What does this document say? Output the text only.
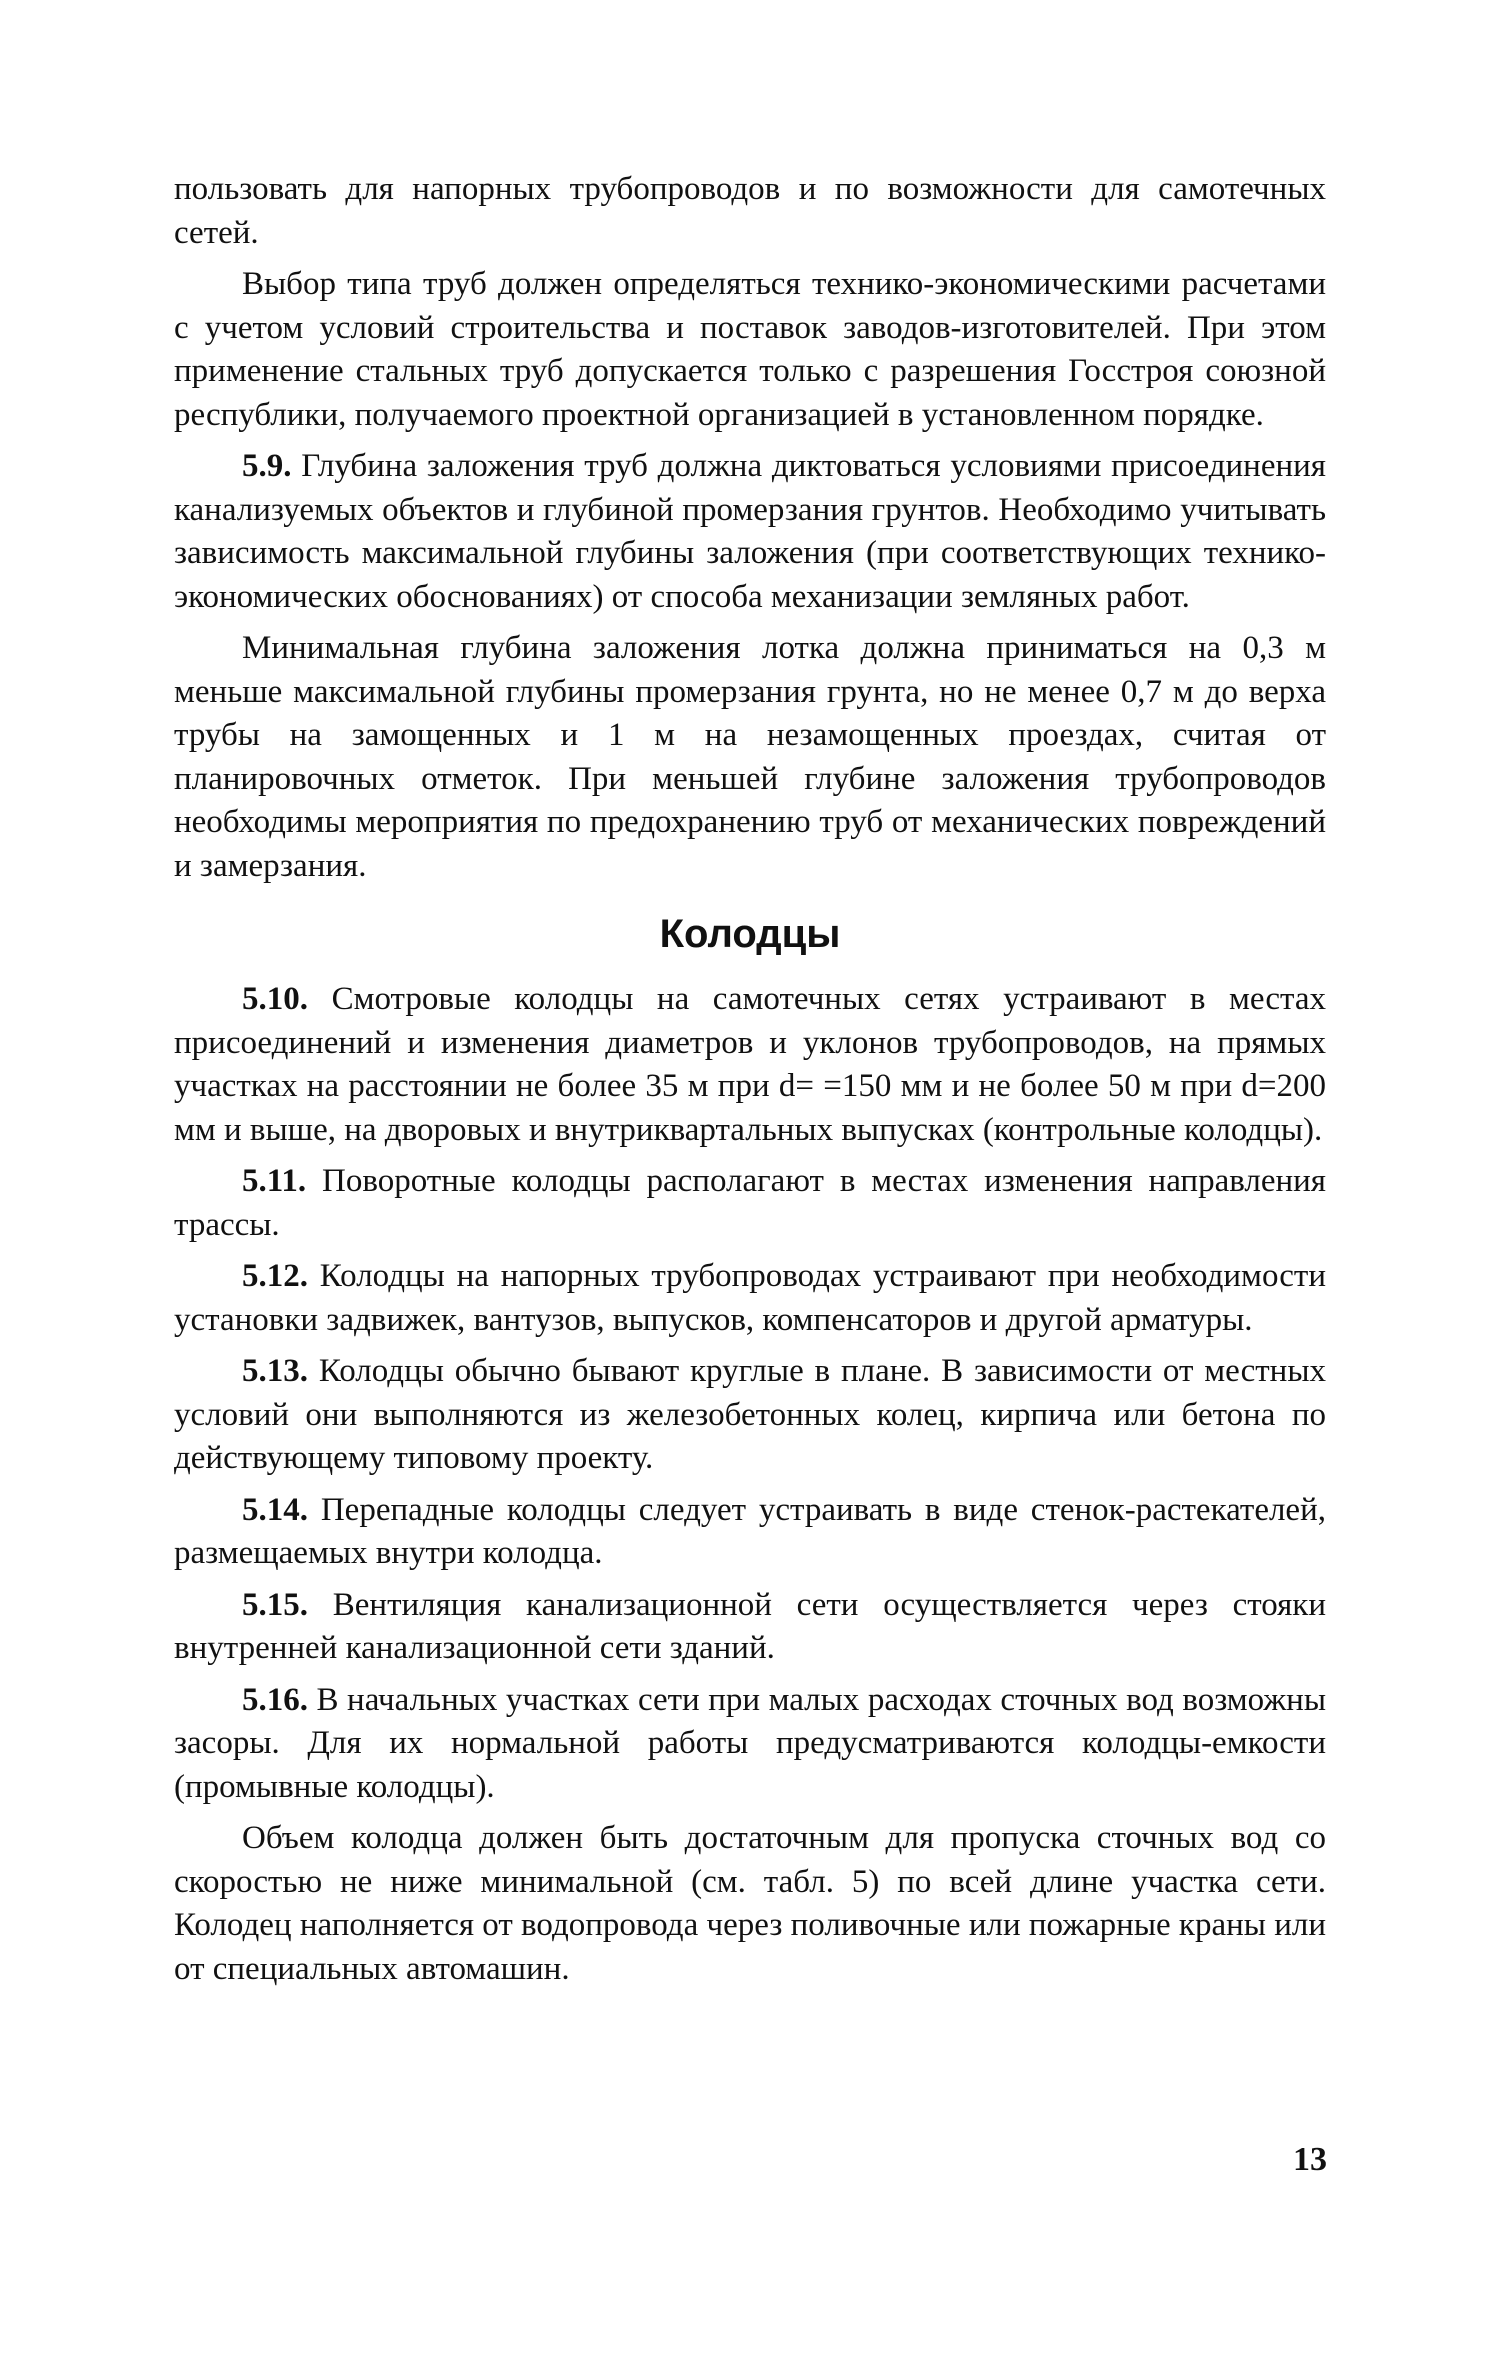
пользовать для напорных трубопроводов и по возможности для самотечных сетей.

Выбор типа труб должен определяться технико-экономическими расчетами с учетом условий строительства и поставок заводов-изготовителей. При этом применение стальных труб допускается только с разрешения Госстроя союзной республики, получаемого проектной организацией в установленном порядке.

5.9. Глубина заложения труб должна диктоваться условиями присоединения канализуемых объектов и глубиной промерзания грунтов. Необходимо учитывать зависимость максимальной глубины заложения (при соответствующих технико-экономических обоснованиях) от способа механизации земляных работ.

Минимальная глубина заложения лотка должна приниматься на 0,3 м меньше максимальной глубины промерзания грунта, но не менее 0,7 м до верха трубы на замощенных и 1 м на незамощенных проездах, считая от планировочных отметок. При меньшей глубине заложения трубопроводов необходимы мероприятия по предохранению труб от механических повреждений и замерзания.

Колодцы

5.10. Смотровые колодцы на самотечных сетях устраивают в местах присоединений и изменения диаметров и уклонов трубопроводов, на прямых участках на расстоянии не более 35 м при d= =150 мм и не более 50 м при d=200 мм и выше, на дворовых и внутриквартальных выпусках (контрольные колодцы).

5.11. Поворотные колодцы располагают в местах изменения направления трассы.

5.12. Колодцы на напорных трубопроводах устраивают при необходимости установки задвижек, вантузов, выпусков, компенсаторов и другой арматуры.

5.13. Колодцы обычно бывают круглые в плане. В зависимости от местных условий они выполняются из железобетонных колец, кирпича или бетона по действующему типовому проекту.

5.14. Перепадные колодцы следует устраивать в виде стенок-растекателей, размещаемых внутри колодца.

5.15. Вентиляция канализационной сети осуществляется через стояки внутренней канализационной сети зданий.

5.16. В начальных участках сети при малых расходах сточных вод возможны засоры. Для их нормальной работы предусматриваются колодцы-емкости (промывные колодцы).

Объем колодца должен быть достаточным для пропуска сточных вод со скоростью не ниже минимальной (см. табл. 5) по всей длине участка сети. Колодец наполняется от водопровода через поливочные или пожарные краны или от специальных автомашин.

13
